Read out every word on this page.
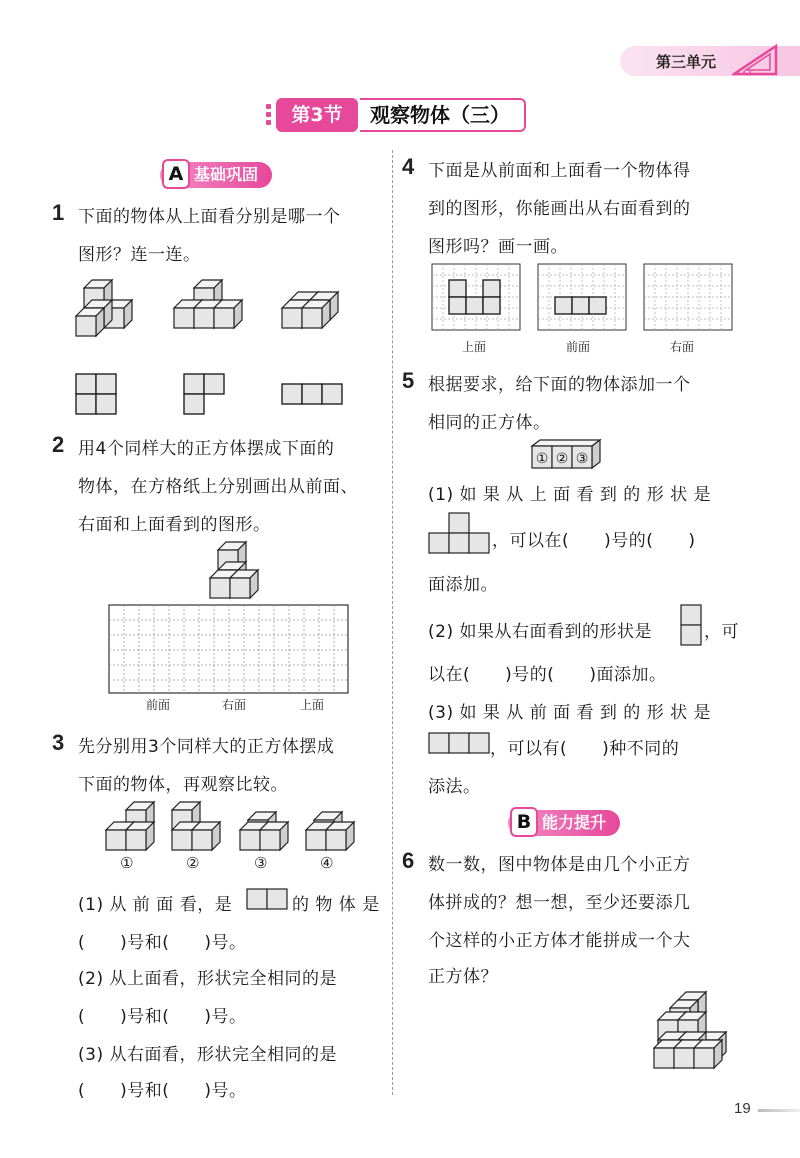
第三单元
第3节	观察物体（三）
A 基础巩固
1 下面的物体从上面看分别是哪一个
图形？连一连。
2 用4个同样大的正方体摆成下面的
物体，在方格纸上分别画出从前面、
右面和上面看到的图形。
前面	右面	上面
3 先分别用3个同样大的正方体摆成
下面的物体，再观察比较。
①	②	③	④
(1) 从 前 面 看，是	的 物 体 是
(　　)号和(　　)号。
(2) 从上面看，形状完全相同的是
(　　)号和(　　)号。
(3) 从右面看，形状完全相同的是
(　　)号和(　　)号。
4 下面是从前面和上面看一个物体得
到的图形，你能画出从右面看到的
图形吗？画一画。
上面	前面	右面
5 根据要求，给下面的物体添加一个
相同的正方体。
① ② ③
(1) 如 果 从 上 面 看 到 的 形 状 是
，可以在(　　)号的(　　)
面添加。
(2) 如果从右面看到的形状是	，可
以在(　　)号的(　　)面添加。
(3) 如 果 从 前 面 看 到 的 形 状 是
，可以有(　　)种不同的
添法。
B 能力提升
6 数一数，图中物体是由几个小正方
体拼成的？想一想，至少还要添几
个这样的小正方体才能拼成一个大
正方体？
19
